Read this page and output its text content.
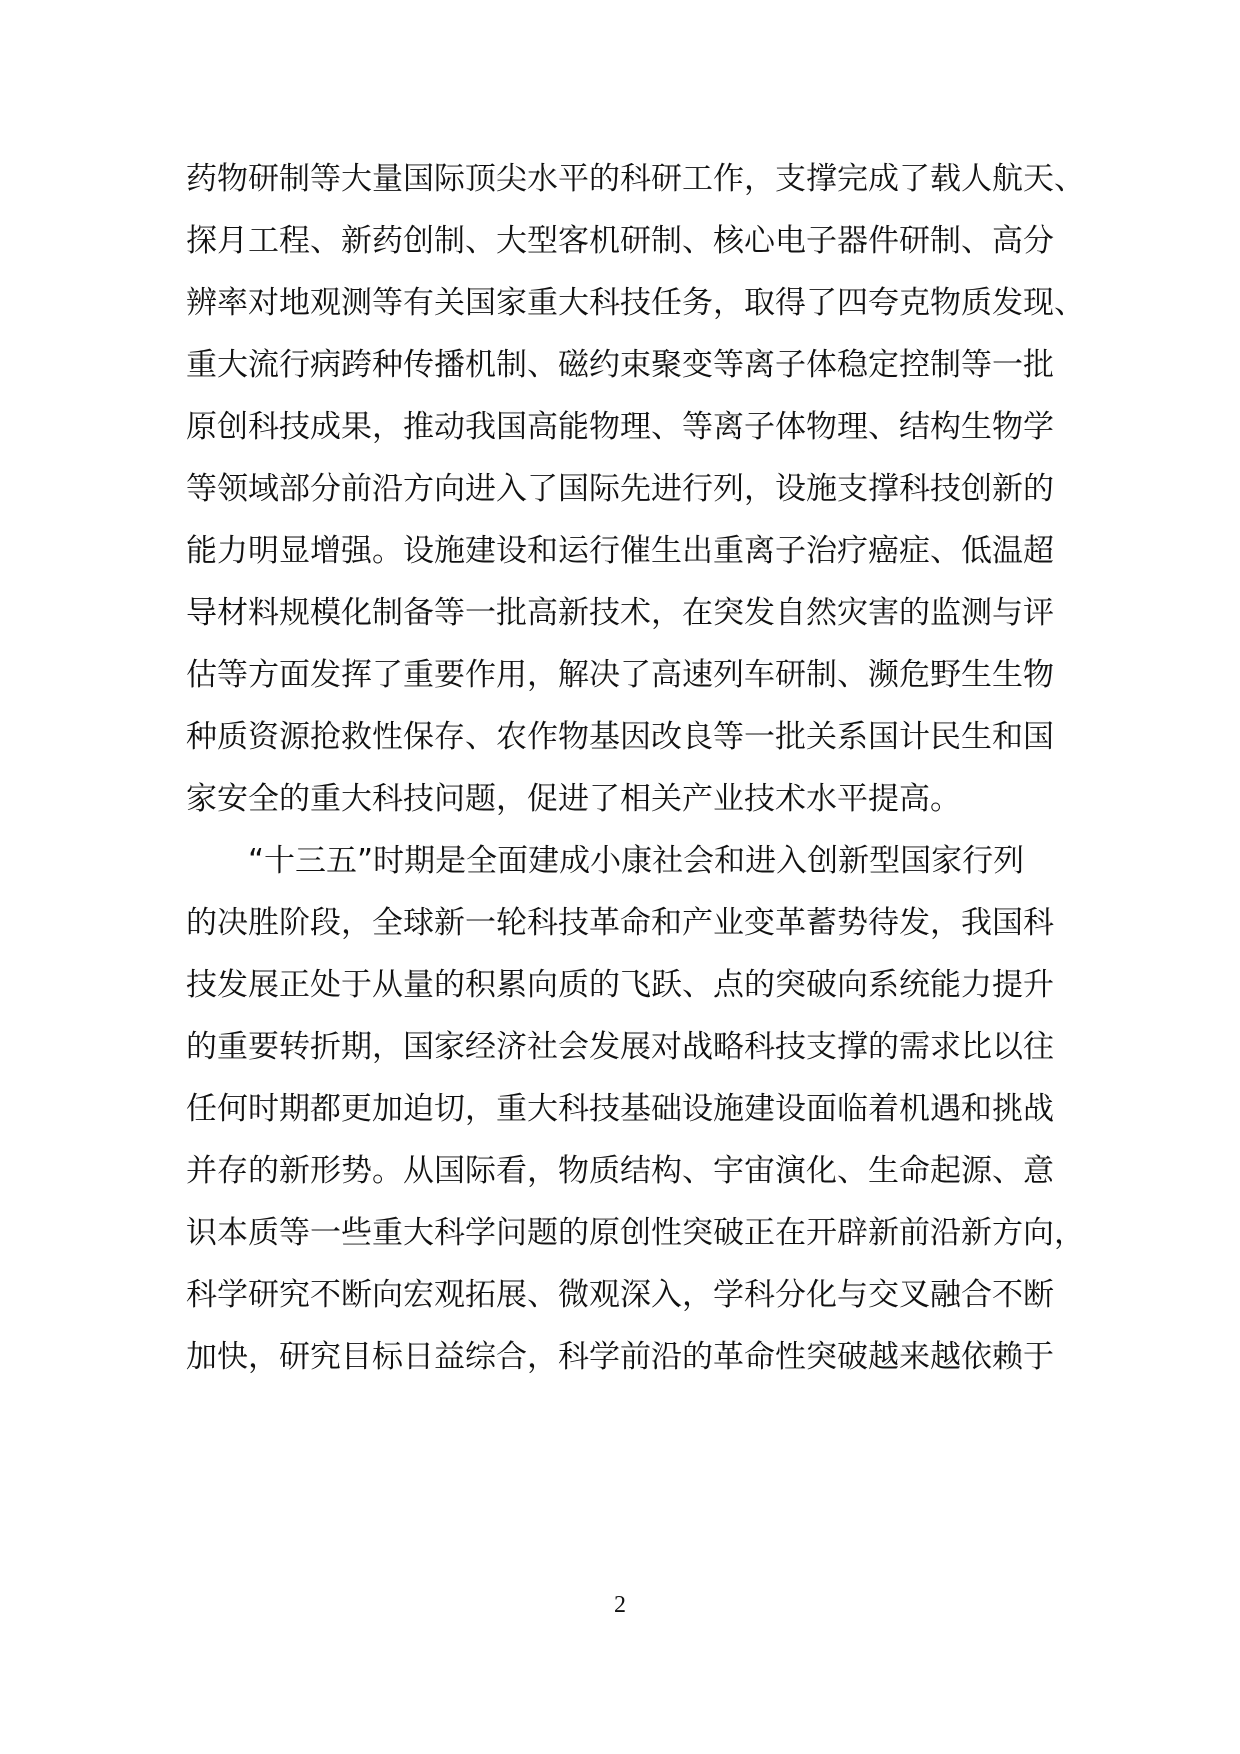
药物研制等大量国际顶尖水平的科研工作，支撑完成了载人航天、
探月工程、新药创制、大型客机研制、核心电子器件研制、高分
辨率对地观测等有关国家重大科技任务，取得了四夸克物质发现、
重大流行病跨种传播机制、磁约束聚变等离子体稳定控制等一批
原创科技成果，推动我国高能物理、等离子体物理、结构生物学
等领域部分前沿方向进入了国际先进行列，设施支撑科技创新的
能力明显增强。设施建设和运行催生出重离子治疗癌症、低温超
导材料规模化制备等一批高新技术，在突发自然灾害的监测与评
估等方面发挥了重要作用，解决了高速列车研制、濒危野生生物
种质资源抢救性保存、农作物基因改良等一批关系国计民生和国
家安全的重大科技问题，促进了相关产业技术水平提高。
“十三五”时期是全面建成小康社会和进入创新型国家行列
的决胜阶段，全球新一轮科技革命和产业变革蓄势待发，我国科
技发展正处于从量的积累向质的飞跃、点的突破向系统能力提升
的重要转折期，国家经济社会发展对战略科技支撑的需求比以往
任何时期都更加迫切，重大科技基础设施建设面临着机遇和挑战
并存的新形势。从国际看，物质结构、宇宙演化、生命起源、意
识本质等一些重大科学问题的原创性突破正在开辟新前沿新方向，
科学研究不断向宏观拓展、微观深入，学科分化与交叉融合不断
加快，研究目标日益综合，科学前沿的革命性突破越来越依赖于
2
